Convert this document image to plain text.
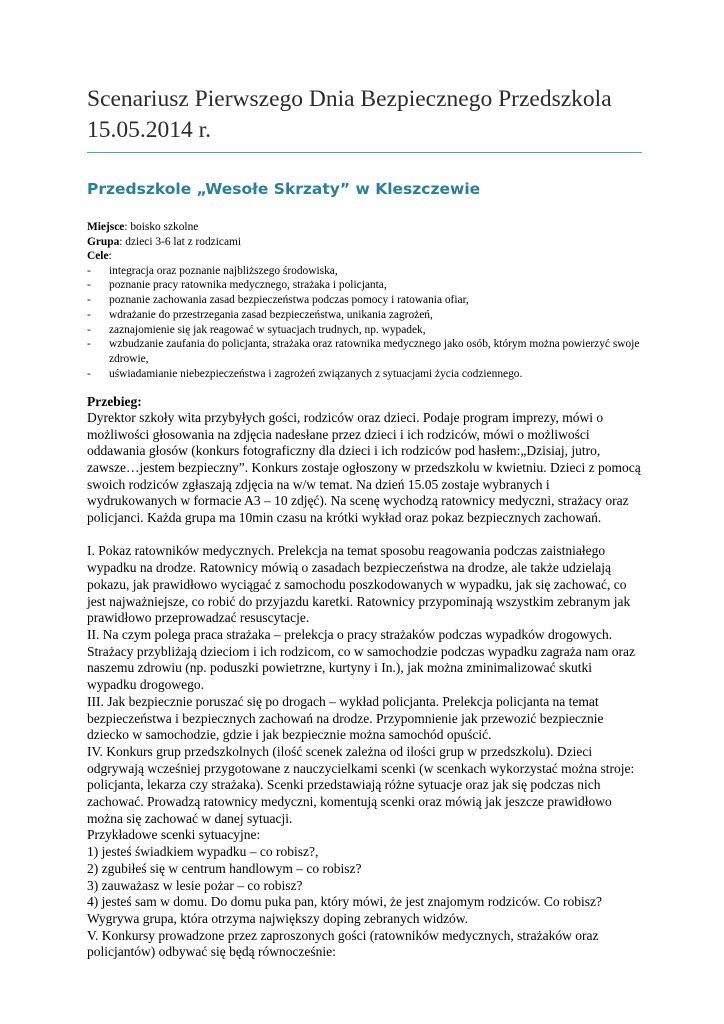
Scenariusz Pierwszego Dnia Bezpiecznego Przedszkola 15.05.2014 r.
Przedszkole „Wesołe Skrzaty” w Kleszczewie
Miejsce: boisko szkolne
Grupa: dzieci 3-6 lat z rodzicami
Cele:
- integracja oraz poznanie najbliższego środowiska,
- poznanie pracy ratownika medycznego, strażaka i policjanta,
- poznanie zachowania zasad bezpieczeństwa podczas pomocy i ratowania ofiar,
- wdrażanie do przestrzegania zasad bezpieczeństwa, unikania zagrożeń,
- zaznajomienie się jak reagować w sytuacjach trudnych, np. wypadek,
- wzbudzanie zaufania do policjanta, strażaka oraz ratownika medycznego jako osób, którym można powierzyć swoje zdrowie,
- uświadamianie niebezpieczeństwa i zagrożeń związanych z sytuacjami życia codziennego.
Przebieg:

Dyrektor szkoły wita przybyłych gości, rodziców oraz dzieci. Podaje program imprezy, mówi o możliwości głosowania na zdjęcia nadesłane przez dzieci i ich rodziców, mówi o możliwości oddawania głosów (konkurs fotograficzny dla dzieci i ich rodziców pod hasłem:„Dzisiaj, jutro, zawsze…jestem bezpieczny”. Konkurs zostaje ogłoszony w przedszkolu w kwietniu. Dzieci z pomocą swoich rodziców zgłaszają zdjęcia na w/w temat. Na dzień 15.05 zostaje wybranych i wydrukowanych w formacie A3 – 10 zdjęć). Na scenę wychodzą ratownicy medyczni, strażacy oraz policjanci. Każda grupa ma 10min czasu na krótki wykład oraz pokaz bezpiecznych zachowań.

I. Pokaz ratowników medycznych. Prelekcja na temat sposobu reagowania podczas zaistniałego wypadku na drodze. Ratownicy mówią o zasadach bezpieczeństwa na drodze, ale także udzielają pokazu, jak prawidłowo wyciągać z samochodu poszkodowanych w wypadku, jak się zachować, co jest najważniejsze, co robić do przyjazdu karetki. Ratownicy przypominają wszystkim zebranym jak prawidłowo przeprowadzać resuscytacje.

II. Na czym polega praca strażaka – prelekcja o pracy strażaków podczas wypadków drogowych. Strażacy przybliżają dzieciom i ich rodzicom, co w samochodzie podczas wypadku zagraża nam oraz naszemu zdrowiu (np. poduszki powietrzne, kurtyny i In.), jak można zminimalizować skutki wypadku drogowego.

III. Jak bezpiecznie poruszać się po drogach – wykład policjanta. Prelekcja policjanta na temat bezpieczeństwa i bezpiecznych zachowań na drodze. Przypomnienie jak przewozić bezpiecznie dziecko w samochodzie, gdzie i jak bezpiecznie można samochód opuścić.

IV. Konkurs grup przedszkolnych (ilość scenek zależna od ilości grup w przedszkolu). Dzieci odgrywają wcześniej przygotowane z nauczycielkami scenki (w scenkach wykorzystać można stroje: policjanta, lekarza czy strażaka). Scenki przedstawiają różne sytuacje oraz jak się podczas nich zachować. Prowadzą ratownicy medyczni, komentują scenki oraz mówią jak jeszcze prawidłowo można się zachować w danej sytuacji.

Przykładowe scenki sytuacyjne:

1) jesteś świadkiem wypadku – co robisz?,

2) zgubiłeś się w centrum handlowym – co robisz?

3) zauważasz w lesie pożar – co robisz?

4) jesteś sam w domu. Do domu puka pan, który mówi, że jest znajomym rodziców. Co robisz?

Wygrywa grupa, która otrzyma największy doping zebranych widzów.

V. Konkursy prowadzone przez zaproszonych gości (ratowników medycznych, strażaków oraz policjantów) odbywać się będą równocześnie:
